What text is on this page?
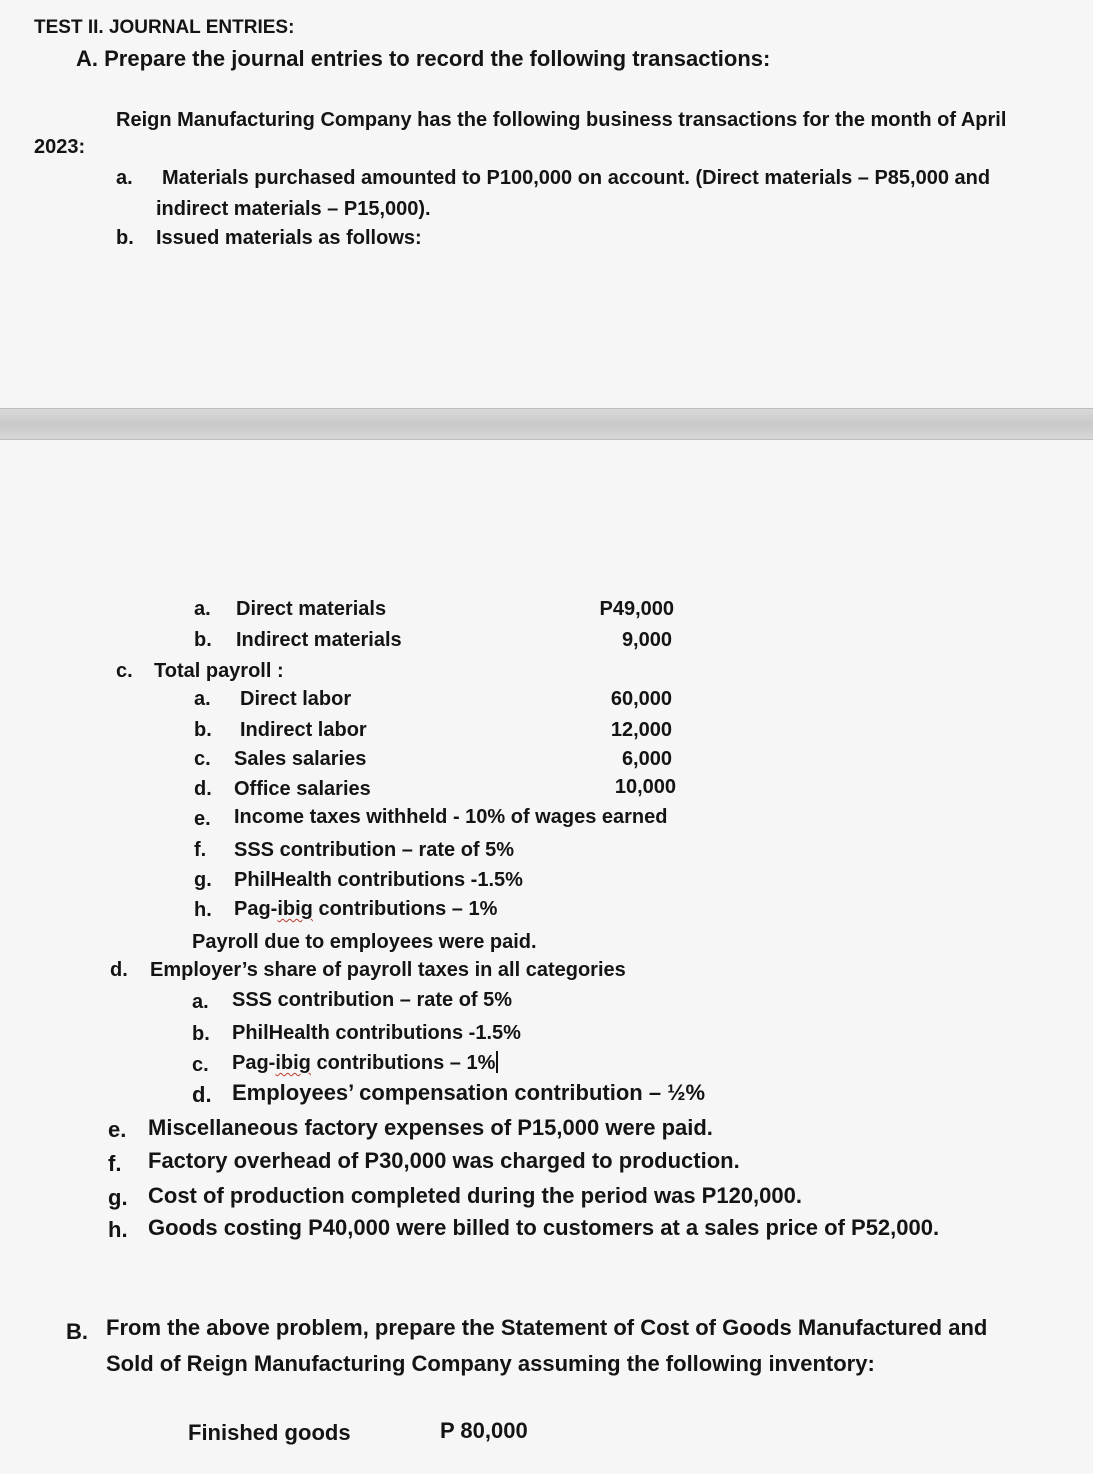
TEST II. JOURNAL ENTRIES:
A. Prepare the journal entries to record the following transactions:
Reign Manufacturing Company has the following business transactions for the month of April
2023:
a. Materials purchased amounted to P100,000 on account. (Direct materials – P85,000 and
indirect materials – P15,000).
b. Issued materials as follows:
a. Direct materials	P49,000
b. Indirect materials	9,000
c. Total payroll :
a. Direct labor	60,000
b. Indirect labor	12,000
c. Sales salaries	6,000
d. Office salaries	10,000
e. Income taxes withheld - 10% of wages earned
f. SSS contribution – rate of 5%
g. PhilHealth contributions -1.5%
h. Pag-ibig contributions – 1%
Payroll due to employees were paid.
d. Employer’s share of payroll taxes in all categories
a. SSS contribution – rate of 5%
b. PhilHealth contributions -1.5%
c. Pag-ibig contributions – 1%
d. Employees’ compensation contribution – ½%
e. Miscellaneous factory expenses of P15,000 were paid.
f. Factory overhead of P30,000 was charged to production.
g. Cost of production completed during the period was P120,000.
h. Goods costing P40,000 were billed to customers at a sales price of P52,000.
B. From the above problem, prepare the Statement of Cost of Goods Manufactured and
Sold of Reign Manufacturing Company assuming the following inventory:
Finished goods	P 80,000
